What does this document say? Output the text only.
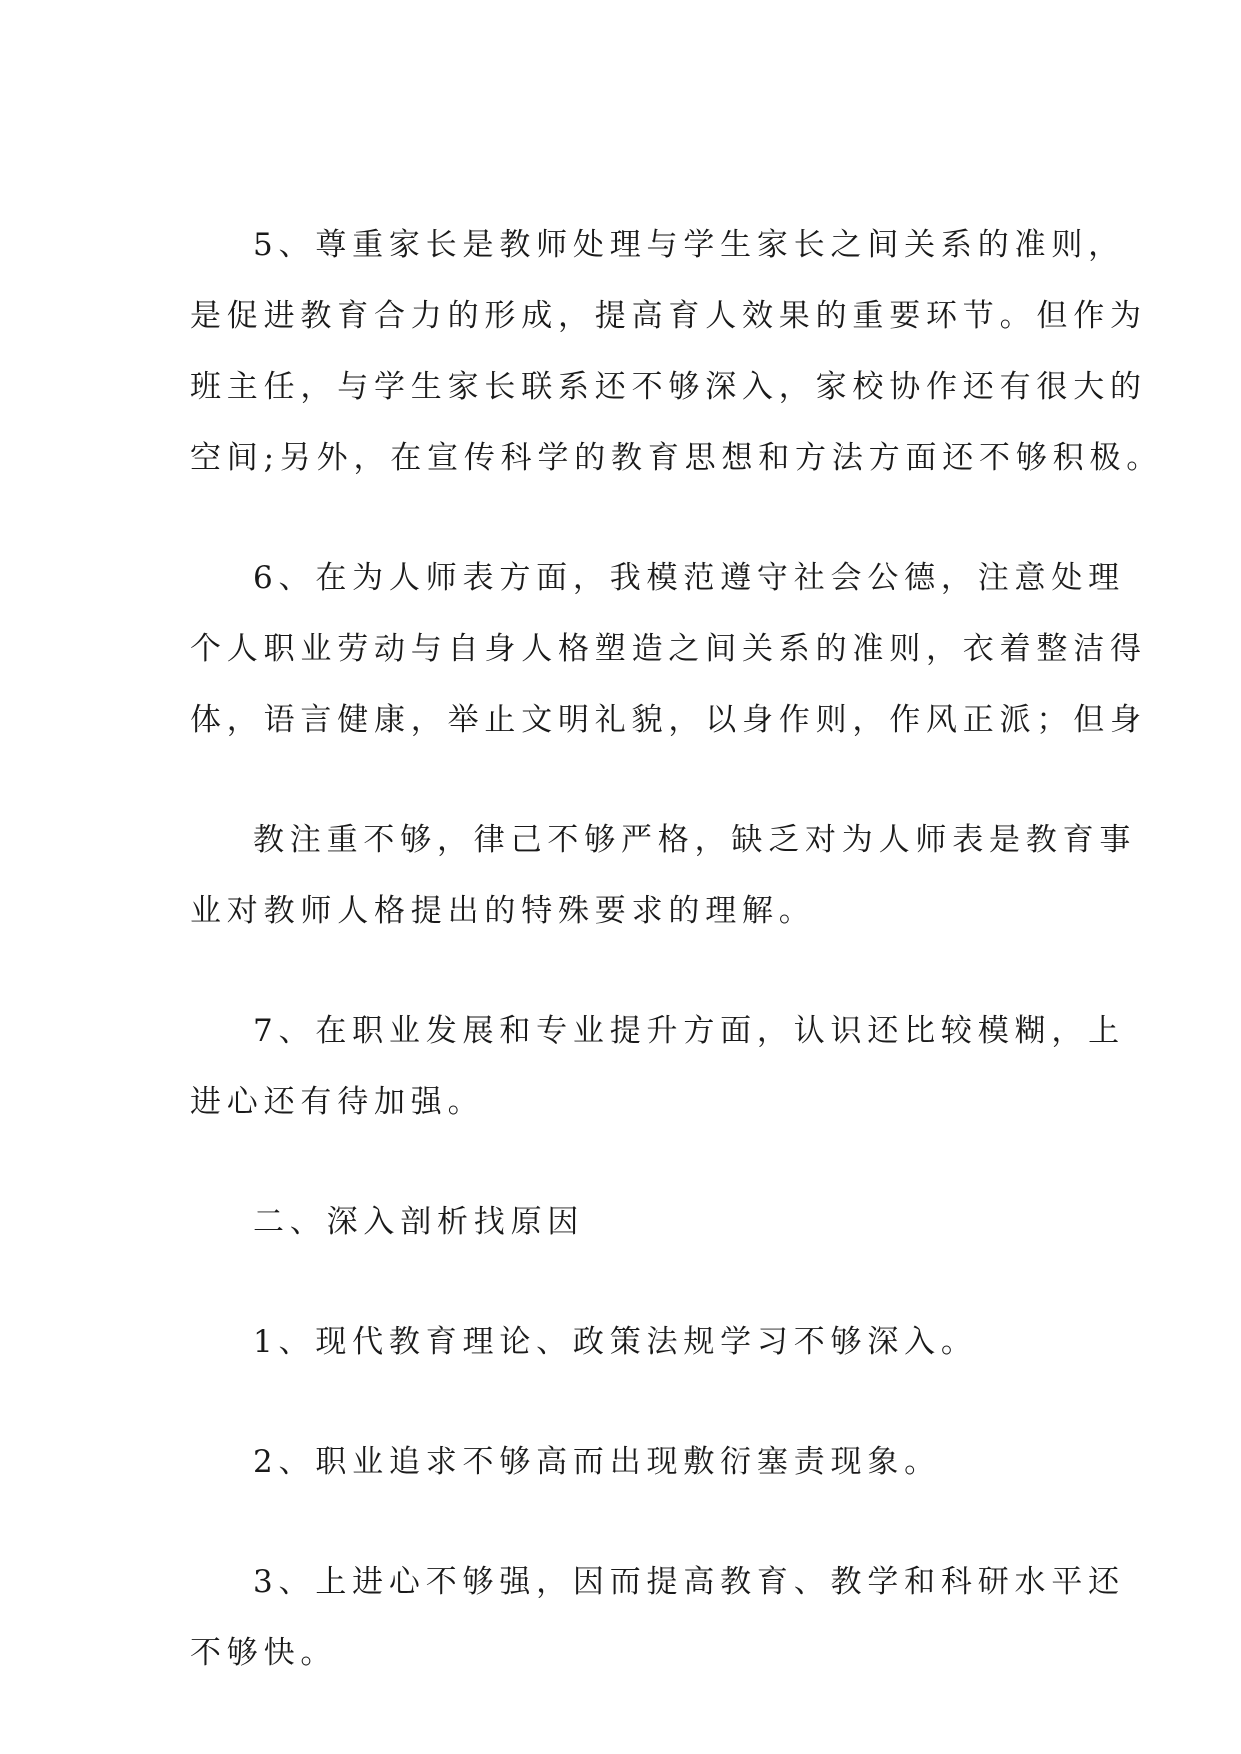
5、尊重家长是教师处理与学生家长之间关系的准则，
是促进教育合力的形成，提高育人效果的重要环节。但作为
班主任，与学生家长联系还不够深入，家校协作还有很大的
空间;另外，在宣传科学的教育思想和方法方面还不够积极。
6、在为人师表方面，我模范遵守社会公德，注意处理
个人职业劳动与自身人格塑造之间关系的准则，衣着整洁得
体，语言健康，举止文明礼貌，以身作则，作风正派；但身
教注重不够，律己不够严格，缺乏对为人师表是教育事
业对教师人格提出的特殊要求的理解。
7、在职业发展和专业提升方面，认识还比较模糊，上
进心还有待加强。
二、深入剖析找原因
1、现代教育理论、政策法规学习不够深入。
2、职业追求不够高而出现敷衍塞责现象。
3、上进心不够强，因而提高教育、教学和科研水平还
不够快。
